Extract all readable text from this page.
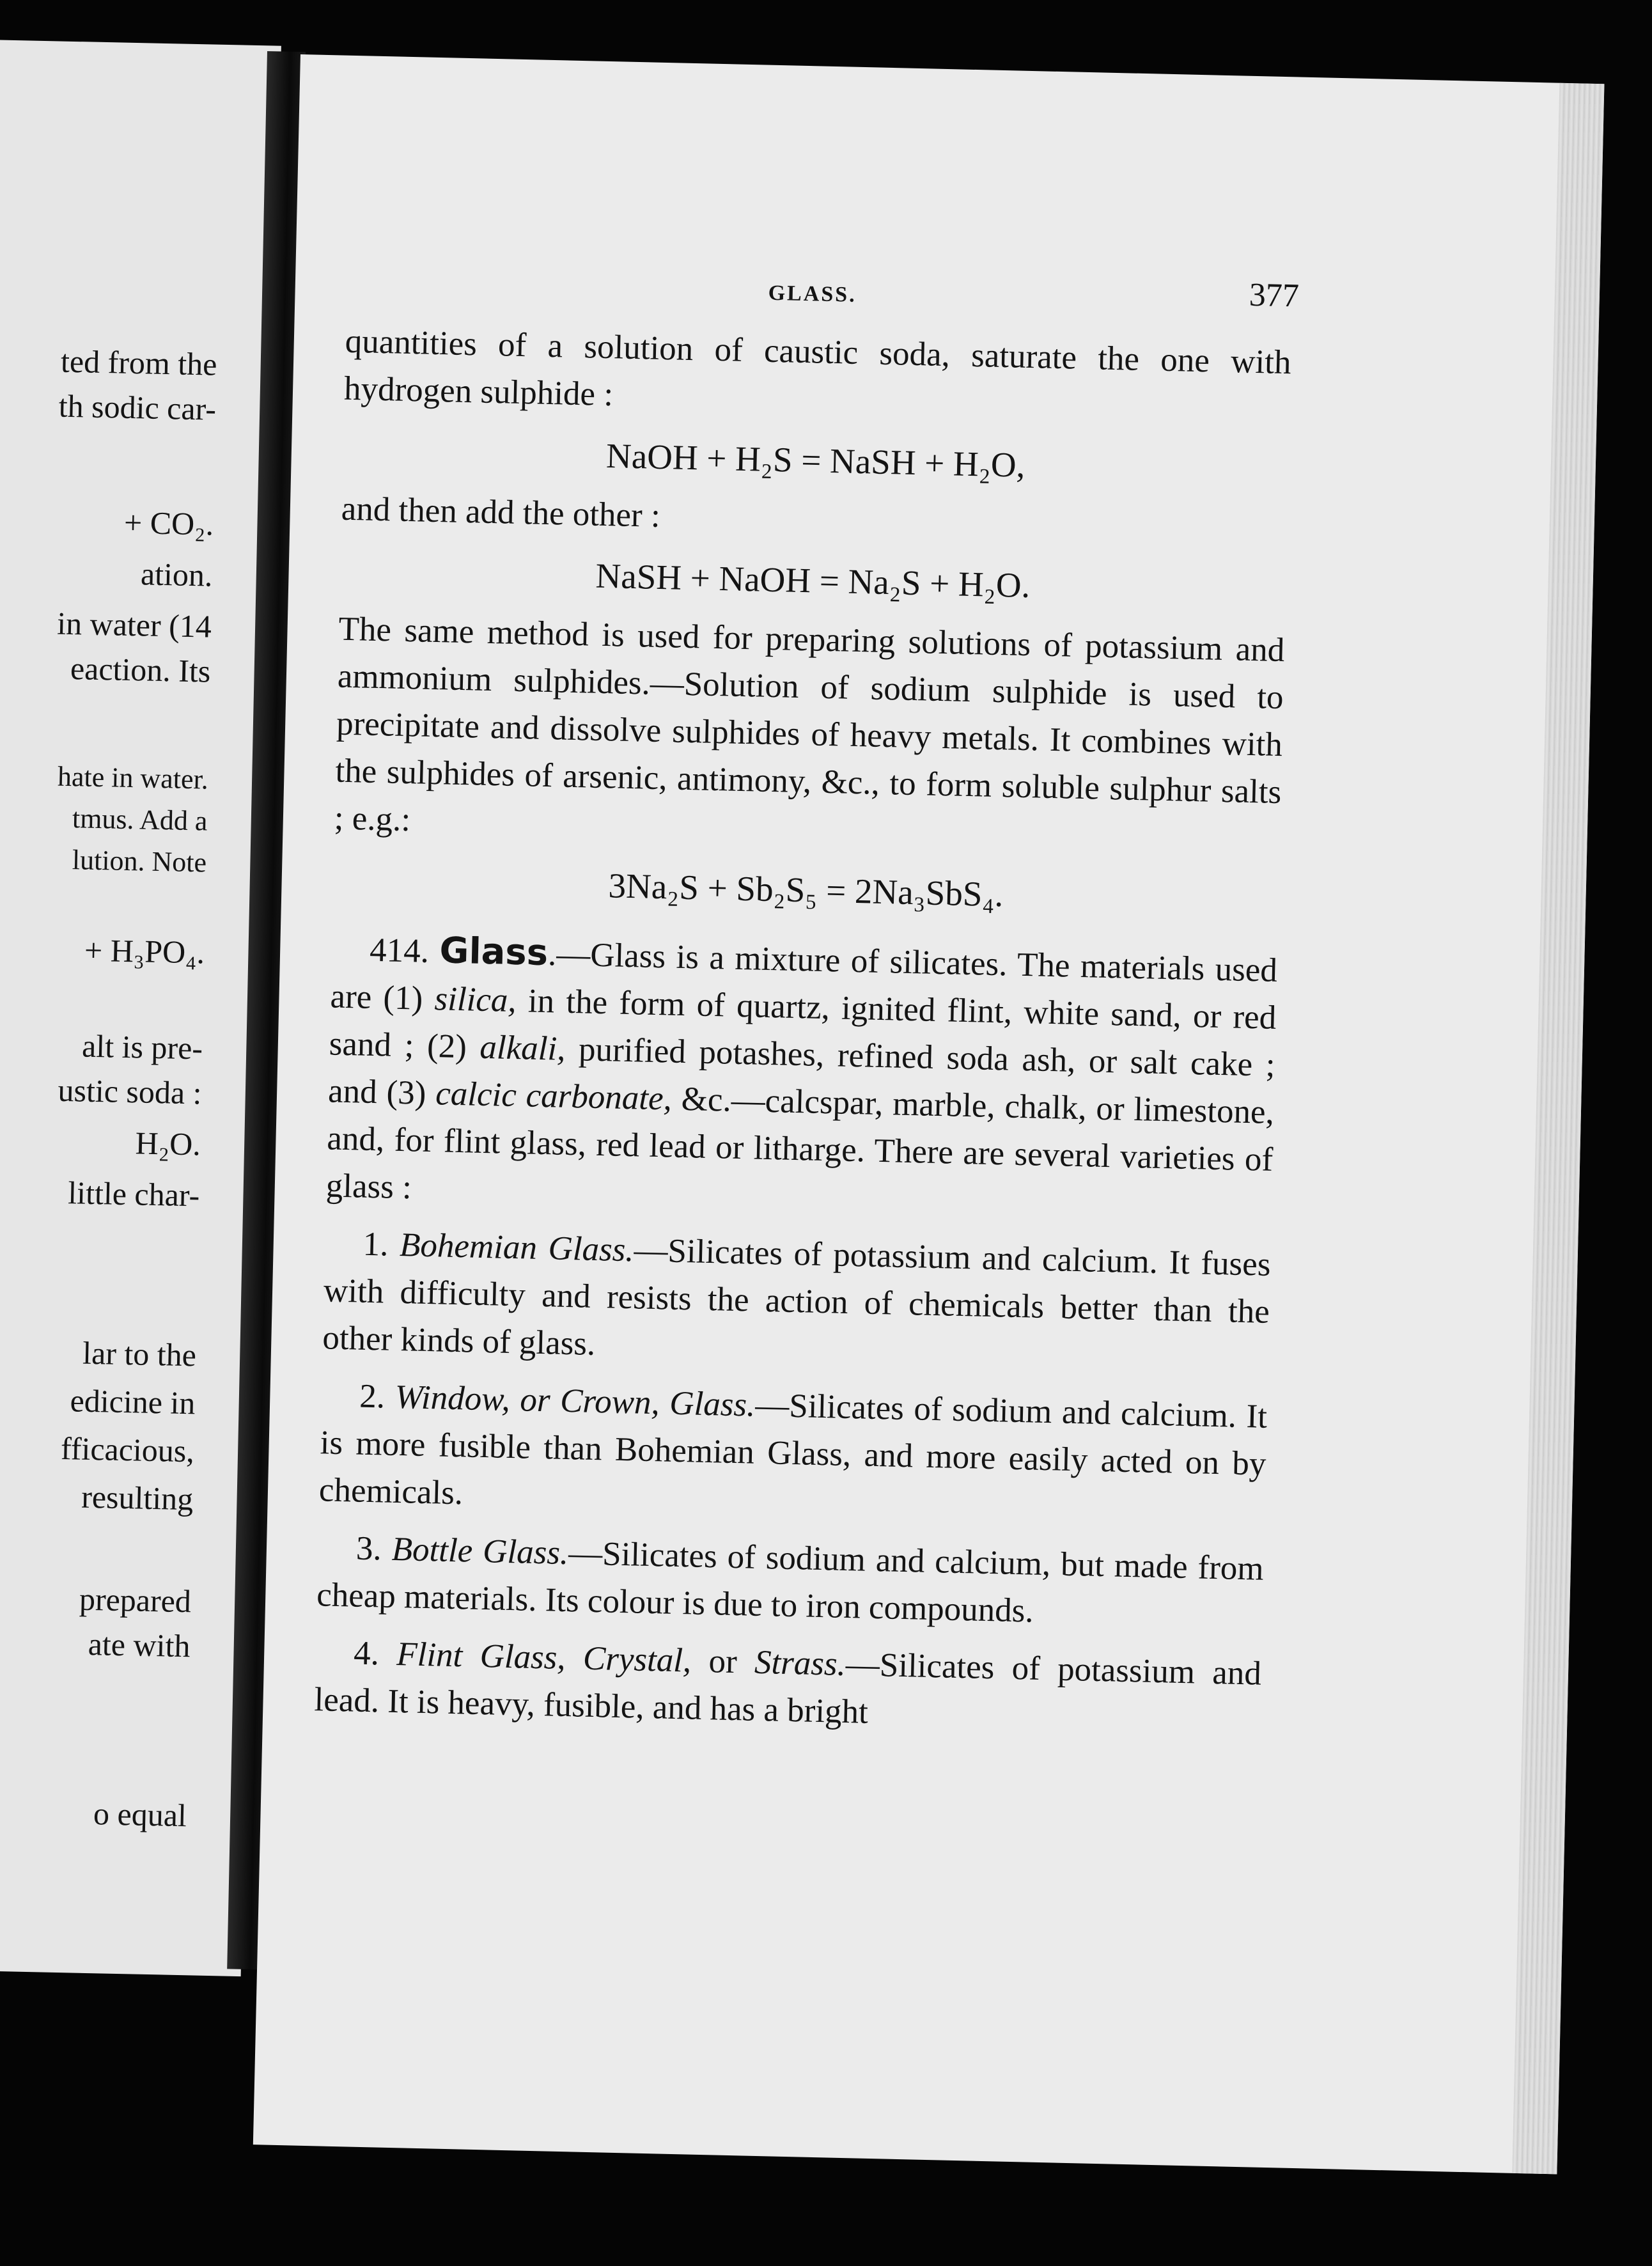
ted from the
th sodic car-
+ CO₂.
ation.
in water (14
eaction. Its
hate in water.
tmus. Add a
lution. Note
+ H₃PO₄.
alt is pre-
ustic soda :
H₂O.
little char-
lar to the
edicine in
fficacious,
resulting
prepared
ate with
o equal
GLASS.	377

quantities of a solution of caustic soda, saturate the one with hydrogen sulphide :

NaOH + H₂S = NaSH + H₂O,

and then add the other :

NaSH + NaOH = Na₂S + H₂O.

The same method is used for preparing solutions of potassium and ammonium sulphides.—Solution of sodium sulphide is used to precipitate and dissolve sulphides of heavy metals. It combines with the sulphides of arsenic, antimony, &c., to form soluble sulphur salts ; e.g.:

3Na₂S + Sb₂S₅ = 2Na₃SbS₄.

414. Glass.—Glass is a mixture of silicates. The materials used are (1) silica, in the form of quartz, ignited flint, white sand, or red sand ; (2) alkali, purified potashes, refined soda ash, or salt cake ; and (3) calcic carbonate, &c.—calcspar, marble, chalk, or limestone, and, for flint glass, red lead or litharge. There are several varieties of glass :

1. Bohemian Glass.—Silicates of potassium and calcium. It fuses with difficulty and resists the action of chemicals better than the other kinds of glass.

2. Window, or Crown, Glass.—Silicates of sodium and calcium. It is more fusible than Bohemian Glass, and more easily acted on by chemicals.

3. Bottle Glass.—Silicates of sodium and calcium, but made from cheap materials. Its colour is due to iron compounds.

4. Flint Glass, Crystal, or Strass.—Silicates of potassium and lead. It is heavy, fusible, and has a bright
